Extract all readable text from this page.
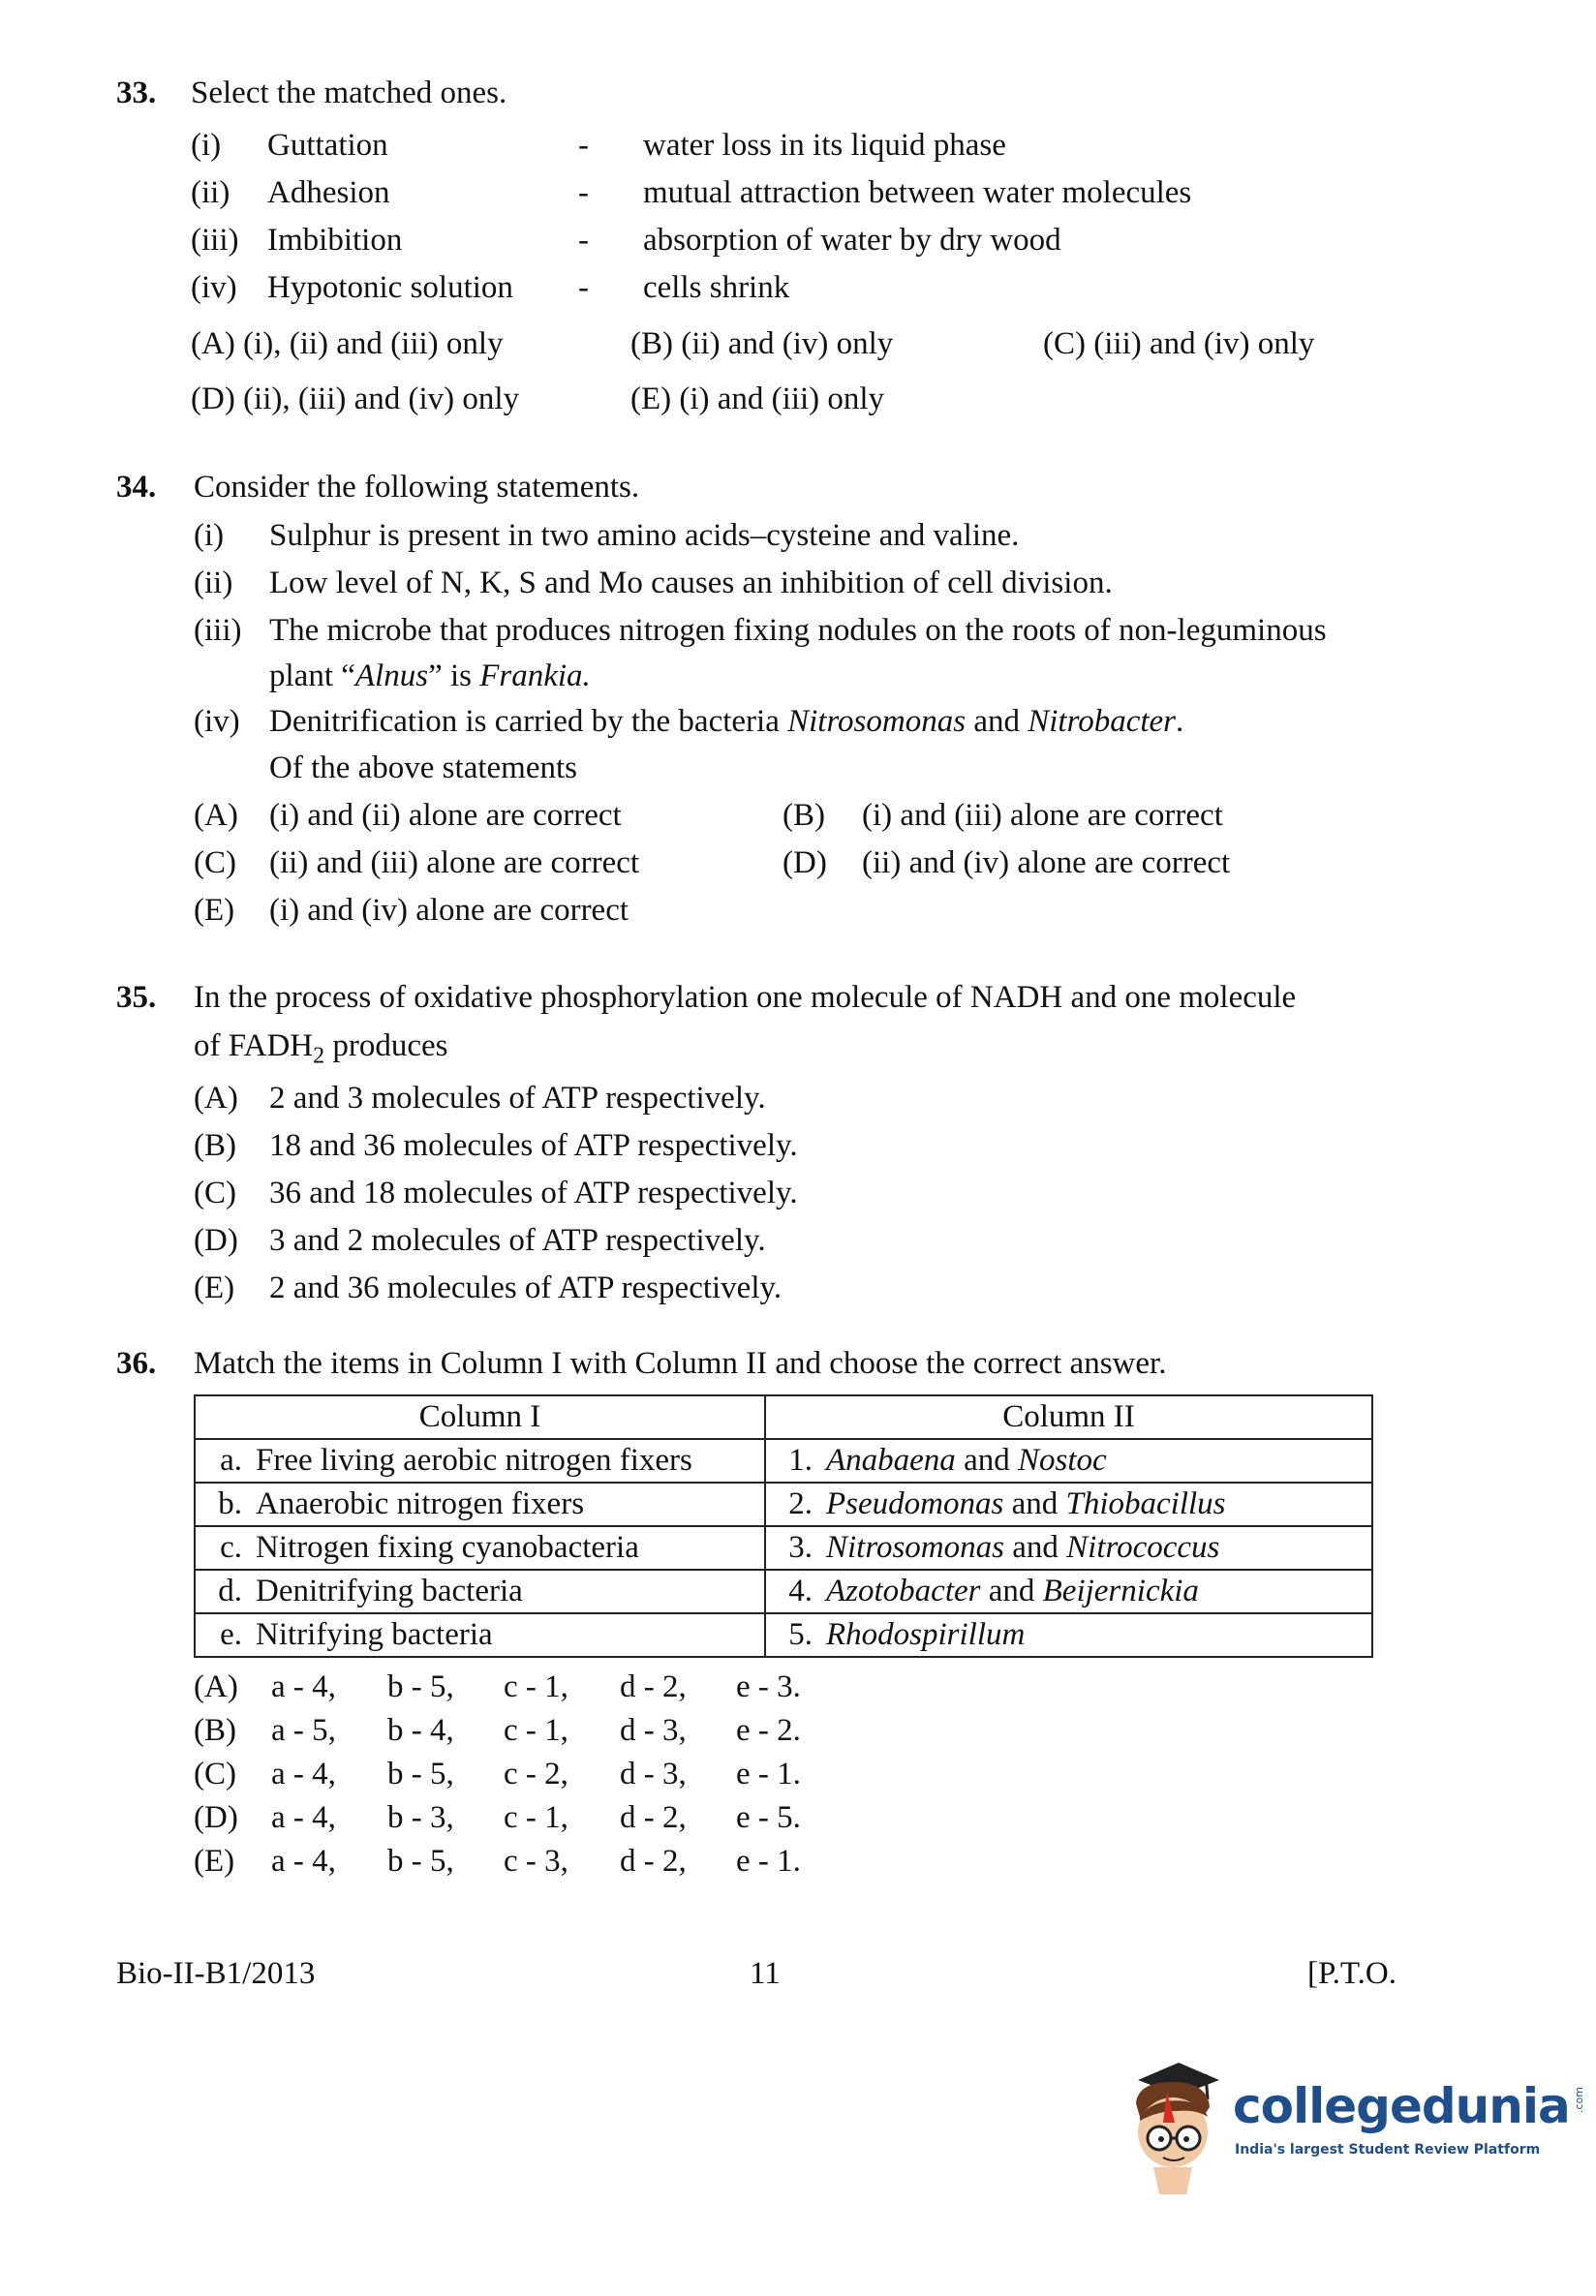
33. Select the matched ones.
(i) Guttation	- water loss in its liquid phase
(ii) Adhesion	- mutual attraction between water molecules
(iii) Imbibition	- absorption of water by dry wood
(iv) Hypotonic solution - cells shrink
(A) (i), (ii) and (iii) only	(B) (ii) and (iv) only	(C) (iii) and (iv) only
(D) (ii), (iii) and (iv) only	(E) (i) and (iii) only
34. Consider the following statements.
(i) Sulphur is present in two amino acids–cysteine and valine.
(ii) Low level of N, K, S and Mo causes an inhibition of cell division.
(iii) The microbe that produces nitrogen fixing nodules on the roots of non-leguminous
plant “Alnus” is Frankia.
(iv) Denitrification is carried by the bacteria Nitrosomonas and Nitrobacter.
Of the above statements
(A) (i) and (ii) alone are correct	(B) (i) and (iii) alone are correct
(C) (ii) and (iii) alone are correct	(D) (ii) and (iv) alone are correct
(E) (i) and (iv) alone are correct
35. In the process of oxidative phosphorylation one molecule of NADH and one molecule
of $FADH_2$ produces
(A) 2 and 3 molecules of ATP respectively.
(B) 18 and 36 molecules of ATP respectively.
(C) 36 and 18 molecules of ATP respectively.
(D) 3 and 2 molecules of ATP respectively.
(E) 2 and 36 molecules of ATP respectively.
36. Match the items in Column I with Column II and choose the correct answer.
Column I	Column II
a. Free living aerobic nitrogen fixers	1. Anabaena and Nostoc
b. Anaerobic nitrogen fixers	2. Pseudomonas and Thiobacillus
c. Nitrogen fixing cyanobacteria	3. Nitrosomonas and Nitrococcus
d. Denitrifying bacteria	4. Azotobacter and Beijernickia
e. Nitrifying bacteria	5. Rhodospirillum
(A) a - 4, b - 5, c - 1, d - 2, e - 3.
(B) a - 5, b - 4, c - 1, d - 3, e - 2.
(C) a - 4, b - 5, c - 2, d - 3, e - 1.
(D) a - 4, b - 3, c - 1, d - 2, e - 5.
(E) a - 4, b - 5, c - 3, d - 2, e - 1.
Bio-II-B1/2013	11	[P.T.O.
collegedunia .com
India's largest Student Review Platform
